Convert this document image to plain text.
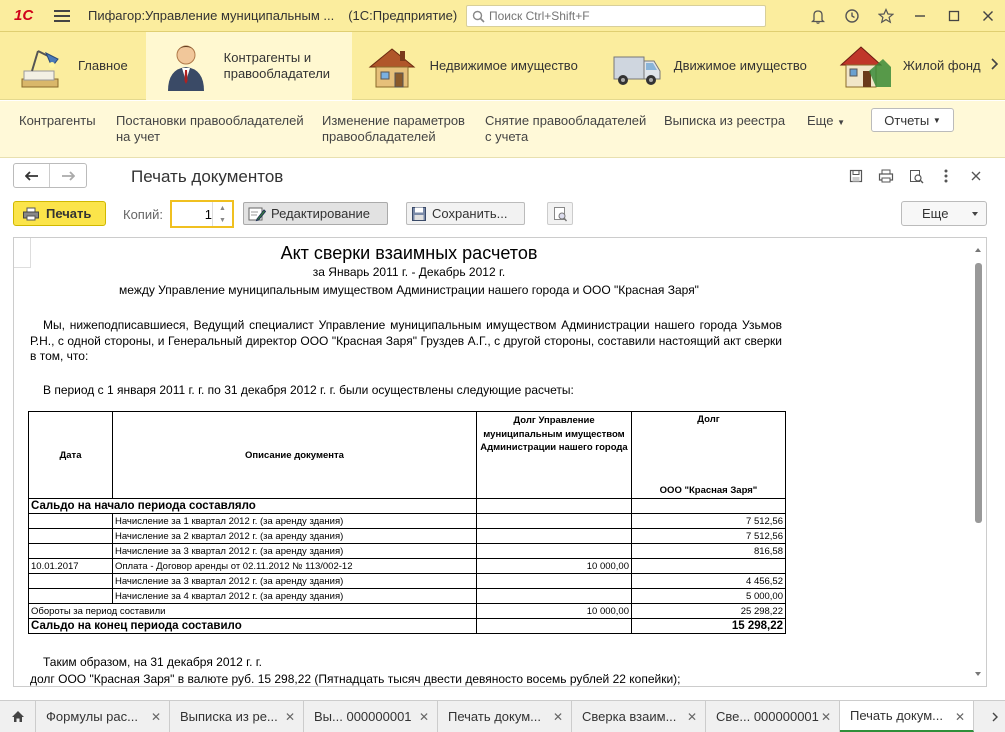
1С	Пифагор:Управление муниципальным ... (1С:Предприятие)
Поиск Ctrl+Shift+F
Главное
Контрагенты и правообладатели
Недвижимое имущество	Движимое имущество	Жилой фонд
Контрагенты Постановки правообладателей на учет
Изменение параметров правообладателей
Снятие правообладателей с учета
Выписка из реестра Еще ▼	Отчеты
▼
Печать документов
Печать Копий:
1	▲
▼	Редактирование	Сохранить...	Еще
Акт сверки взаимных расчетов
за Январь 2011 г. - Декабрь 2012 г.
между Управление муниципальным имуществом Администрации нашего города и ООО "Красная Заря"
Мы, нижеподписавшиеся, Ведущий специалист Управление муниципальным имуществом Администрации нашего города Узьмов Р.Н., с одной стороны, и Генеральный директор ООО "Красная Заря" Груздев А.Г., с другой стороны, составили настоящий акт сверки в том, что:
В период с 1 января 2011 г. г. по 31 декабря 2012 г. г. были осуществлены следующие расчеты:
Дата	Описание документа	Долг Управление муниципальным имуществом Администрации нашего города	Долг
ООО "Красная Заря"

Сальдо на начало периода составляло			
	Начисление за 1 квартал 2012 г. (за аренду здания)		7 512,56
	Начисление за 2 квартал 2012 г. (за аренду здания)		7 512,56
	Начисление за 3 квартал 2012 г. (за аренду здания)		816,58
10.01.2017	Оплата - Договор аренды от 02.11.2012 № 113/002-12	10 000,00	
	Начисление за 3 квартал 2012 г. (за аренду здания)		4 456,52
	Начисление за 4 квартал 2012 г. (за аренду здания)		5 000,00
Обороты за период составили		10 000,00	25 298,22
Сальдо на конец периода составило			15 298,22
Таким образом, на 31 декабря 2012 г. г.
долг ООО "Красная Заря" в валюте руб. 15 298,22 (Пятнадцать тысяч двести девяносто восемь рублей 22 копейки);
Формулы рас... ✕ Выписка из ре... ✕ Вы... 000000001 ✕ Печать докум... ✕ Сверка взаим... ✕ Све... 000000001 ✕ Печать докум... ✕
